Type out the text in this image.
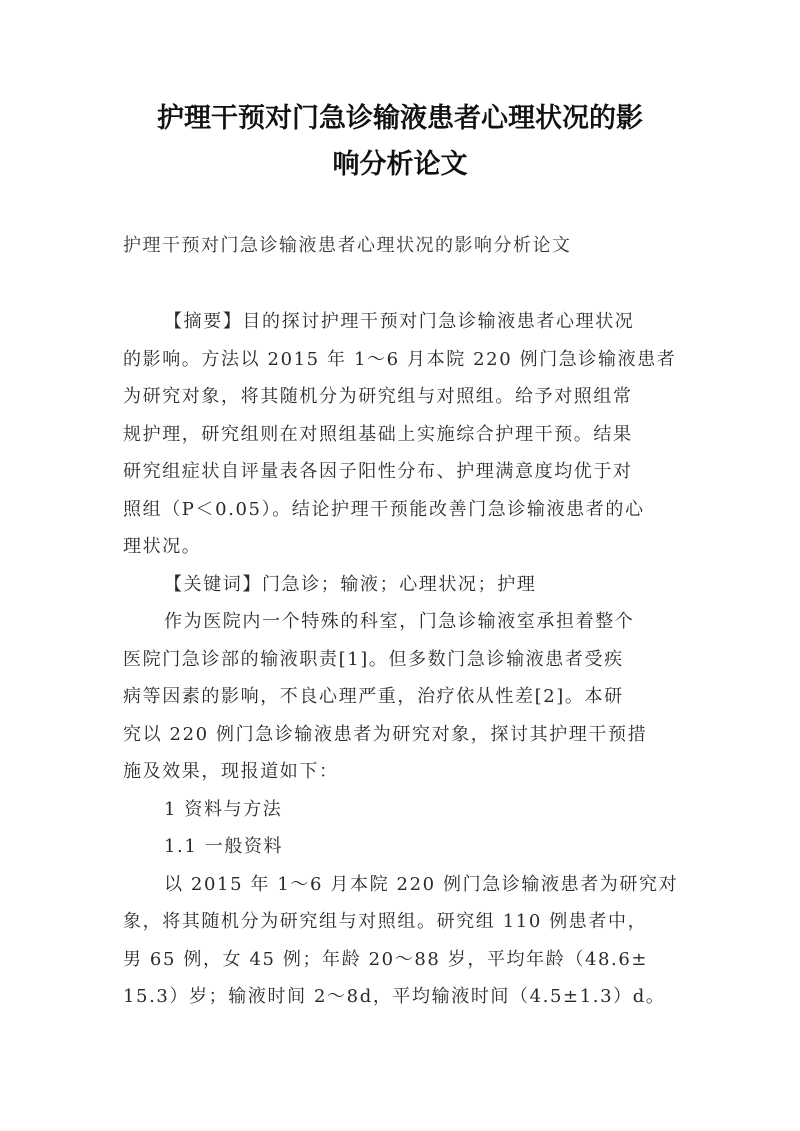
护理干预对门急诊输液患者心理状况的影
响分析论文

护理干预对门急诊输液患者心理状况的影响分析论文

【摘要】目的探讨护理干预对门急诊输液患者心理状况
的影响。方法以 2015 年 1～6 月本院 220 例门急诊输液患者
为研究对象，将其随机分为研究组与对照组。给予对照组常
规护理，研究组则在对照组基础上实施综合护理干预。结果
研究组症状自评量表各因子阳性分布、护理满意度均优于对
照组（P＜0.05）。结论护理干预能改善门急诊输液患者的心
理状况。
【关键词】门急诊；输液；心理状况；护理
作为医院内一个特殊的科室，门急诊输液室承担着整个
医院门急诊部的输液职责[1]。但多数门急诊输液患者受疾
病等因素的影响，不良心理严重，治疗依从性差[2]。本研
究以 220 例门急诊输液患者为研究对象，探讨其护理干预措
施及效果，现报道如下：
1 资料与方法
1.1 一般资料
以 2015 年 1～6 月本院 220 例门急诊输液患者为研究对
象，将其随机分为研究组与对照组。研究组 110 例患者中，
男 65 例，女 45 例；年龄 20～88 岁，平均年龄（48.6±
15.3）岁；输液时间 2～8d，平均输液时间（4.5±1.3）d。
